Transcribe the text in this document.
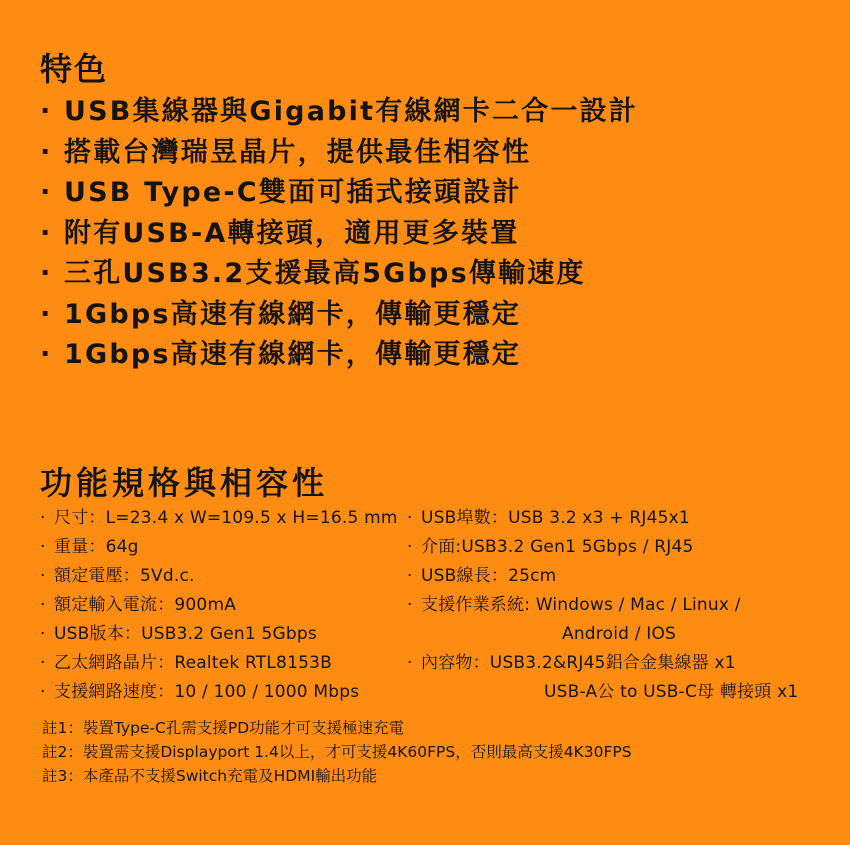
特色
· USB集線器與Gigabit有線網卡二合一設計
· 搭載台灣瑞昱晶片，提供最佳相容性
· USB Type-C雙面可插式接頭設計
· 附有USB-A轉接頭，適用更多裝置
· 三孔USB3.2支援最高5Gbps傳輸速度
· 1Gbps高速有線網卡，傳輸更穩定
· 1Gbps高速有線網卡，傳輸更穩定
功能規格與相容性
· 尺寸：L=23.4 x W=109.5 x H=16.5 mm
· 重量：64g
· 額定電壓：5Vd.c.
· 額定輸入電流：900mA
· USB版本：USB3.2 Gen1 5Gbps
· 乙太網路晶片：Realtek RTL8153B
· 支援網路速度：10 / 100 / 1000 Mbps
· USB埠數：USB 3.2 x3 + RJ45x1
· 介面:USB3.2 Gen1 5Gbps / RJ45
· USB線長：25cm
· 支援作業系統: Windows / Mac / Linux /
Android / IOS
· 內容物：USB3.2&RJ45鋁合金集線器 x1
USB-A公 to USB-C母 轉接頭 x1
註1：裝置Type-C孔需支援PD功能才可支援極速充電
註2：裝置需支援Displayport 1.4以上，才可支援4K60FPS，否則最高支援4K30FPS
註3：本產品不支援Switch充電及HDMI輸出功能
